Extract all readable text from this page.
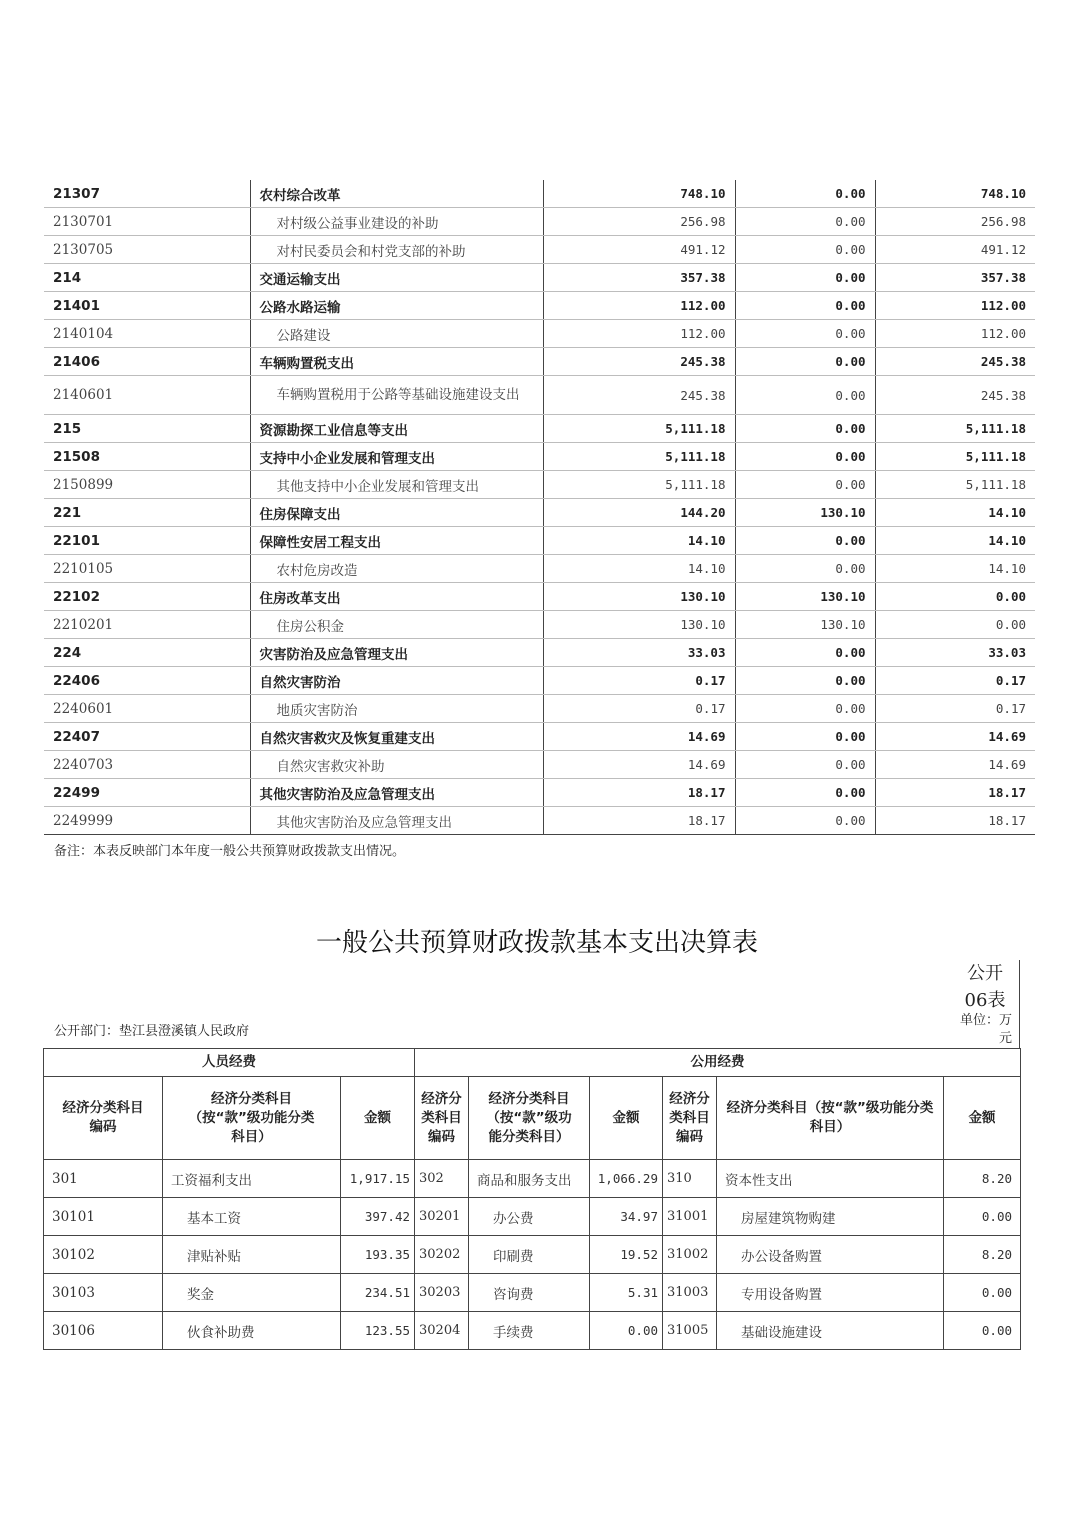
21307	农村综合改革	748.10	0.00	748.10
2130701	对村级公益事业建设的补助	256.98	0.00	256.98
2130705	对村民委员会和村党支部的补助	491.12	0.00	491.12
214	交通运输支出	357.38	0.00	357.38
21401	公路水路运输	112.00	0.00	112.00
2140104	公路建设	112.00	0.00	112.00
21406	车辆购置税支出	245.38	0.00	245.38
2140601	车辆购置税用于公路等基础设施建设支出	245.38	0.00	245.38
215	资源勘探工业信息等支出	5,111.18	0.00	5,111.18
21508	支持中小企业发展和管理支出	5,111.18	0.00	5,111.18
2150899	其他支持中小企业发展和管理支出	5,111.18	0.00	5,111.18
221	住房保障支出	144.20	130.10	14.10
22101	保障性安居工程支出	14.10	0.00	14.10
2210105	农村危房改造	14.10	0.00	14.10
22102	住房改革支出	130.10	130.10	0.00
2210201	住房公积金	130.10	130.10	0.00
224	灾害防治及应急管理支出	33.03	0.00	33.03
22406	自然灾害防治	0.17	0.00	0.17
2240601	地质灾害防治	0.17	0.00	0.17
22407	自然灾害救灾及恢复重建支出	14.69	0.00	14.69
2240703	自然灾害救灾补助	14.69	0.00	14.69
22499	其他灾害防治及应急管理支出	18.17	0.00	18.17
2249999	其他灾害防治及应急管理支出	18.17	0.00	18.17
备注：本表反映部门本年度一般公共预算财政拨款支出情况。
一般公共预算财政拨款基本支出决算表
公开06表
单位：万元
公开部门：垫江县澄溪镇人民政府
人员经费			公用经费					
经济分类科目编码	经济分类科目（按“款”级功能分类科目）	金额	经济分类科目编码	经济分类科目（按“款”级功能分类科目）	金额	经济分类科目编码	经济分类科目（按“款”级功能分类科目）	金额
301	工资福利支出	1,917.15	302	商品和服务支出	1,066.29	310	资本性支出	8.20
30101	基本工资	397.42	30201	办公费	34.97	31001	房屋建筑物购建	0.00
30102	津贴补贴	193.35	30202	印刷费	19.52	31002	办公设备购置	8.20
30103	奖金	234.51	30203	咨询费	5.31	31003	专用设备购置	0.00
30106	伙食补助费	123.55	30204	手续费	0.00	31005	基础设施建设	0.00
